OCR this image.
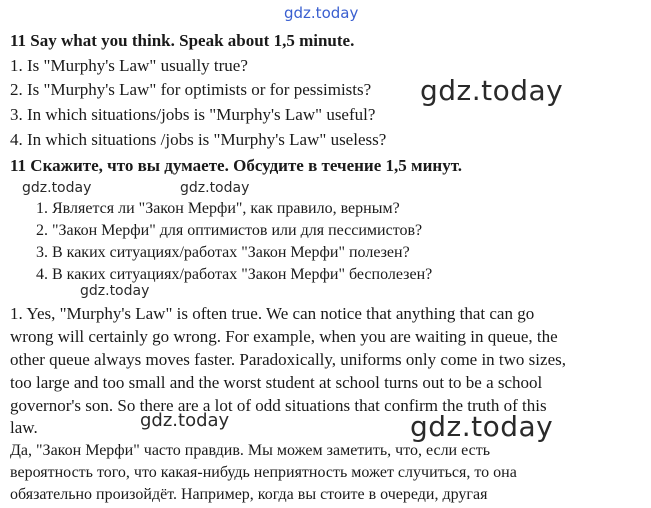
gdz.today
11 Say what you think. Speak about 1,5 minute.
1. Is "Murphy's Law" usually true?
2. Is "Murphy's Law" for optimists or for pessimists? gdz.today
3. In which situations/jobs is "Murphy's Law" useful?
4. In which situations /jobs is "Murphy's Law" useless?
11 Скажите, что вы думаете. Обсудите в течение 1,5 минут.
gdz.today	gdz.today
1. Является ли "Закон Мерфи", как правило, верным?
2. "Закон Мерфи" для оптимистов или для пессимистов?
3. В каких ситуациях/работах "Закон Мерфи" полезен?
4. В каких ситуациях/работах "Закон Мерфи" бесполезен?
gdz.today
1. Yes, "Murphy's Law" is often true. We can notice that anything that can go
wrong will certainly go wrong. For example, when you are waiting in queue, the
other queue always moves faster. Paradoxically, uniforms only come in two sizes,
too large and too small and the worst student at school turns out to be a school
governor's son. So there are a lot of odd situations that confirm the truth of this
gdz.today	gdz.today
law.
Да, "Закон Мерфи" часто правдив. Мы можем заметить, что, если есть
вероятность того, что какая-нибудь неприятность может случиться, то она
обязательно произойдёт. Например, когда вы стоите в очереди, другая
